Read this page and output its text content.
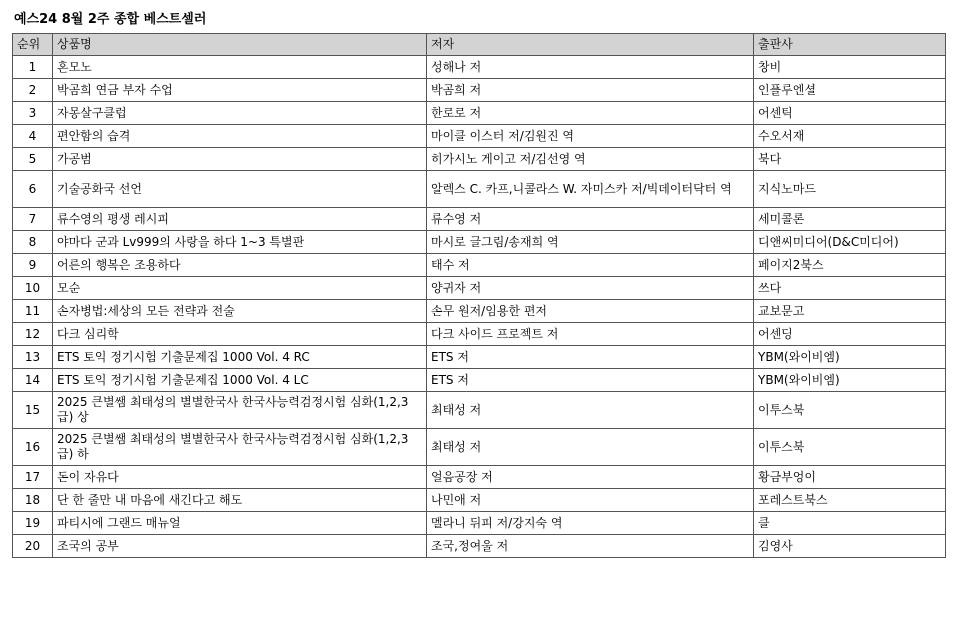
예스24 8월 2주 종합 베스트셀러
순위	상품명	저자	출판사
1	혼모노	성해나 저	창비

2	박곰희 연금 부자 수업	박곰희 저	인플루엔셜

3	자몽살구클럽	한로로 저	어센틱

4	편안함의 습격	마이클 이스터 저/김원진 역	수오서재

5	가공범	히가시노 게이고 저/김선영 역	북다

6	기술공화국 선언	알렉스 C. 카프,니콜라스 W. 자미스카 저/빅데이터닥터 역	지식노마드

7	류수영의 평생 레시피	류수영 저	세미콜론

8	야마다 군과 Lv999의 사랑을 하다 1~3 특별판	마시로 글그림/송재희 역	디앤씨미디어(D&C미디어)

9	어른의 행복은 조용하다	태수 저	페이지2북스

10	모순	양귀자 저	쓰다

11	손자병법:세상의 모든 전략과 전술	손무 원저/임용한 편저	교보문고

12	다크 심리학	다크 사이드 프로젝트 저	어센딩

13	ETS 토익 정기시험 기출문제집 1000 Vol. 4 RC	ETS 저	YBM(와이비엠)

14	ETS 토익 정기시험 기출문제집 1000 Vol. 4 LC	ETS 저	YBM(와이비엠)

15	2025 큰별쌤 최태성의 별별한국사 한국사능력검정시험 심화(1,2,3급) 상	최태성 저	이투스북

16	2025 큰별쌤 최태성의 별별한국사 한국사능력검정시험 심화(1,2,3급) 하	최태성 저	이투스북

17	돈이 자유다	얼음공장 저	황금부엉이

18	단 한 줄만 내 마음에 새긴다고 해도	나민애 저	포레스트북스

19	파티시에 그랜드 매뉴얼	멜라니 뒤피 저/강지숙 역	클

20	조국의 공부	조국,정여울 저	김영사
